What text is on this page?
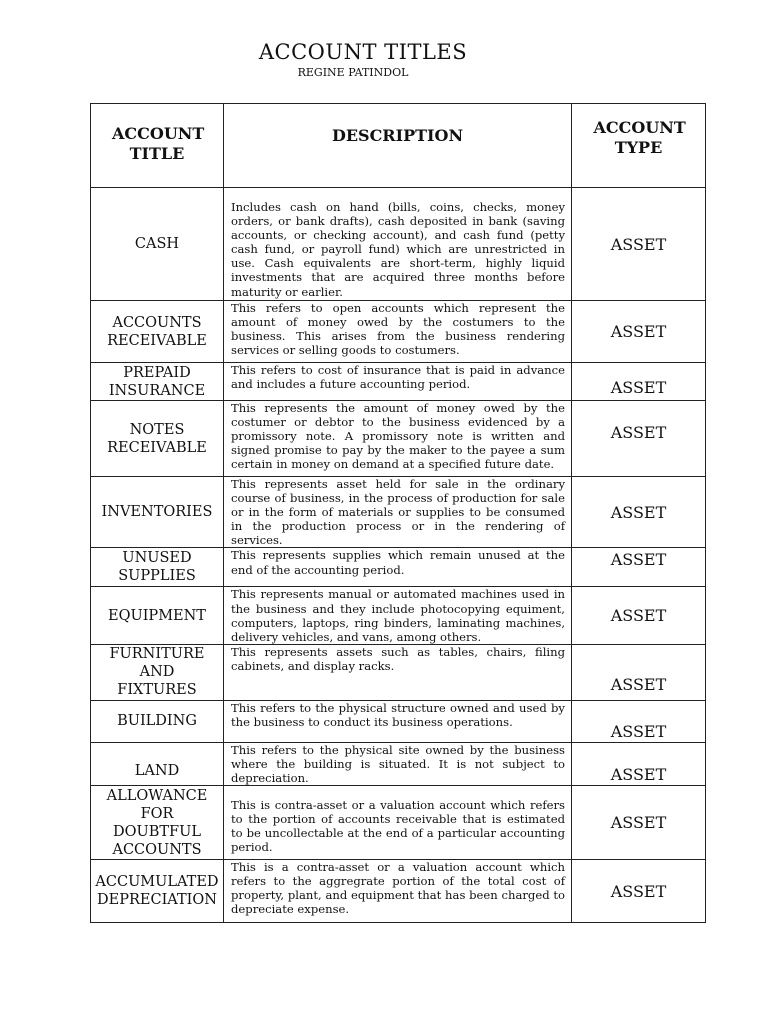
ACCOUNT TITLES
REGINE PATINDOL
ACCOUNT TITLE	DESCRIPTION	ACCOUNT TYPE

CASH	Includes cash on hand (bills, coins, checks, money orders, or bank drafts), cash deposited in bank (saving accounts, or checking account), and cash fund (petty cash fund, or payroll fund) which are unrestricted in use. Cash equivalents are short-term, highly liquid investments that are acquired three months before maturity or earlier.	ASSET

ACCOUNTS RECEIVABLE	This refers to open accounts which represent the amount of money owed by the costumers to the business. This arises from the business rendering services or selling goods to costumers.	ASSET

PREPAID INSURANCE	This refers to cost of insurance that is paid in advance and includes a future accounting period.	ASSET

NOTES RECEIVABLE	This represents the amount of money owed by the costumer or debtor to the business evidenced by a promissory note. A promissory note is written and signed promise to pay by the maker to the payee a sum certain in money on demand at a specified future date.	ASSET
INVENTORIES	This represents asset held for sale in the ordinary course of business, in the process of production for sale or in the form of materials or supplies to be consumed in the production process or in the rendering of services.	ASSET

UNUSED SUPPLIES	This represents supplies which remain unused at the end of the accounting period.	ASSET
EQUIPMENT	This represents manual or automated machines used in the business and they include photocopying equiment, computers, laptops, ring binders, laminating machines, delivery vehicles, and vans, among others.	ASSET

FURNITURE AND FIXTURES	This represents assets such as tables, chairs, filing cabinets, and display racks.	ASSET
BUILDING	This refers to the physical structure owned and used by the business to conduct its business operations.	ASSET
LAND	This refers to the physical site owned by the business where the building is situated. It is not subject to depreciation.	ASSET

ALLOWANCE FOR DOUBTFUL ACCOUNTS	This is contra-asset or a valuation account which refers to the portion of accounts receivable that is estimated to be uncollectable at the end of a particular accounting period.	ASSET

ACCUMULATED DEPRECIATION	This is a contra-asset or a valuation account which refers to the aggregrate portion of the total cost of property, plant, and equipment that has been charged to depreciate expense.	ASSET
